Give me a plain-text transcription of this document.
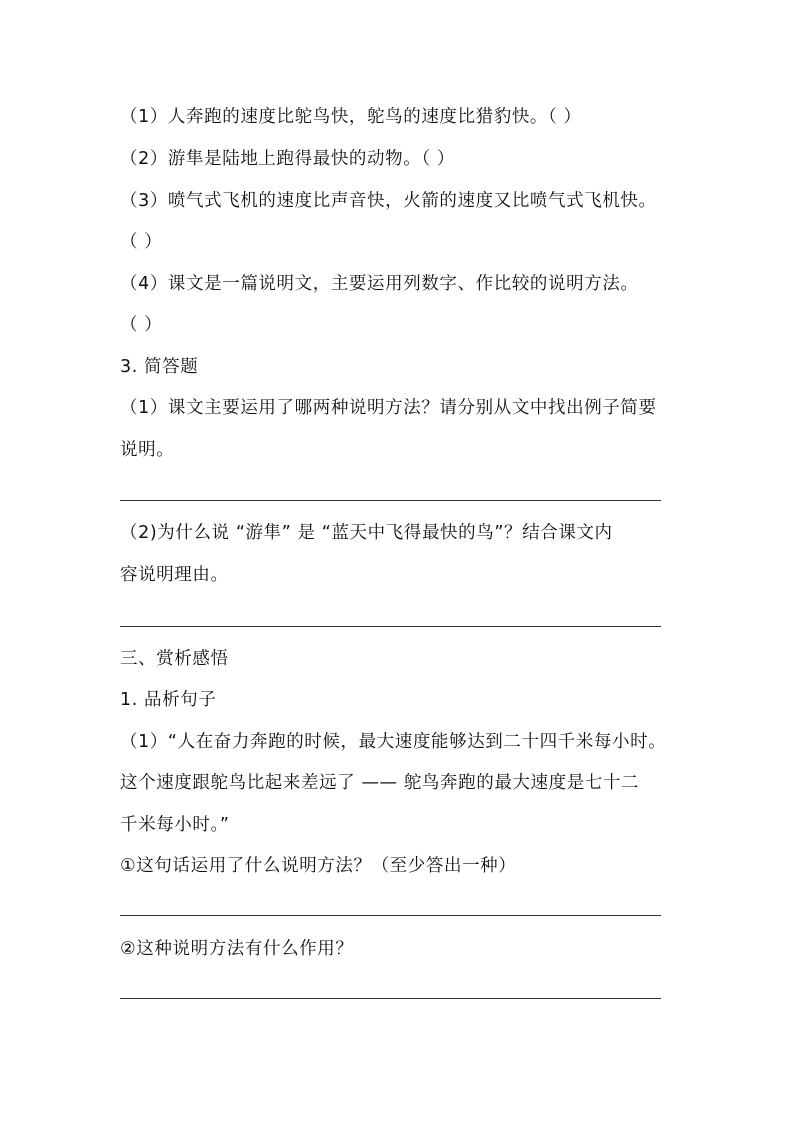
（1）人奔跑的速度比鸵鸟快，鸵鸟的速度比猎豹快。（ ）
（2）游隼是陆地上跑得最快的动物。（ ）
（3）喷气式飞机的速度比声音快，火箭的速度又比喷气式飞机快。
（ ）
（4）课文是一篇说明文，主要运用列数字、作比较的说明方法。
（ ）
3. 简答题
（1）课文主要运用了哪两种说明方法？请分别从文中找出例子简要
说明。
（2)为什么说 “游隼” 是 “蓝天中飞得最快的鸟”？结合课文内
容说明理由。
三、赏析感悟
1. 品析句子
（1）“人在奋力奔跑的时候，最大速度能够达到二十四千米每小时。
这个速度跟鸵鸟比起来差远了 —— 鸵鸟奔跑的最大速度是七十二
千米每小时。”
①这句话运用了什么说明方法？（至少答出一种）
②这种说明方法有什么作用？
